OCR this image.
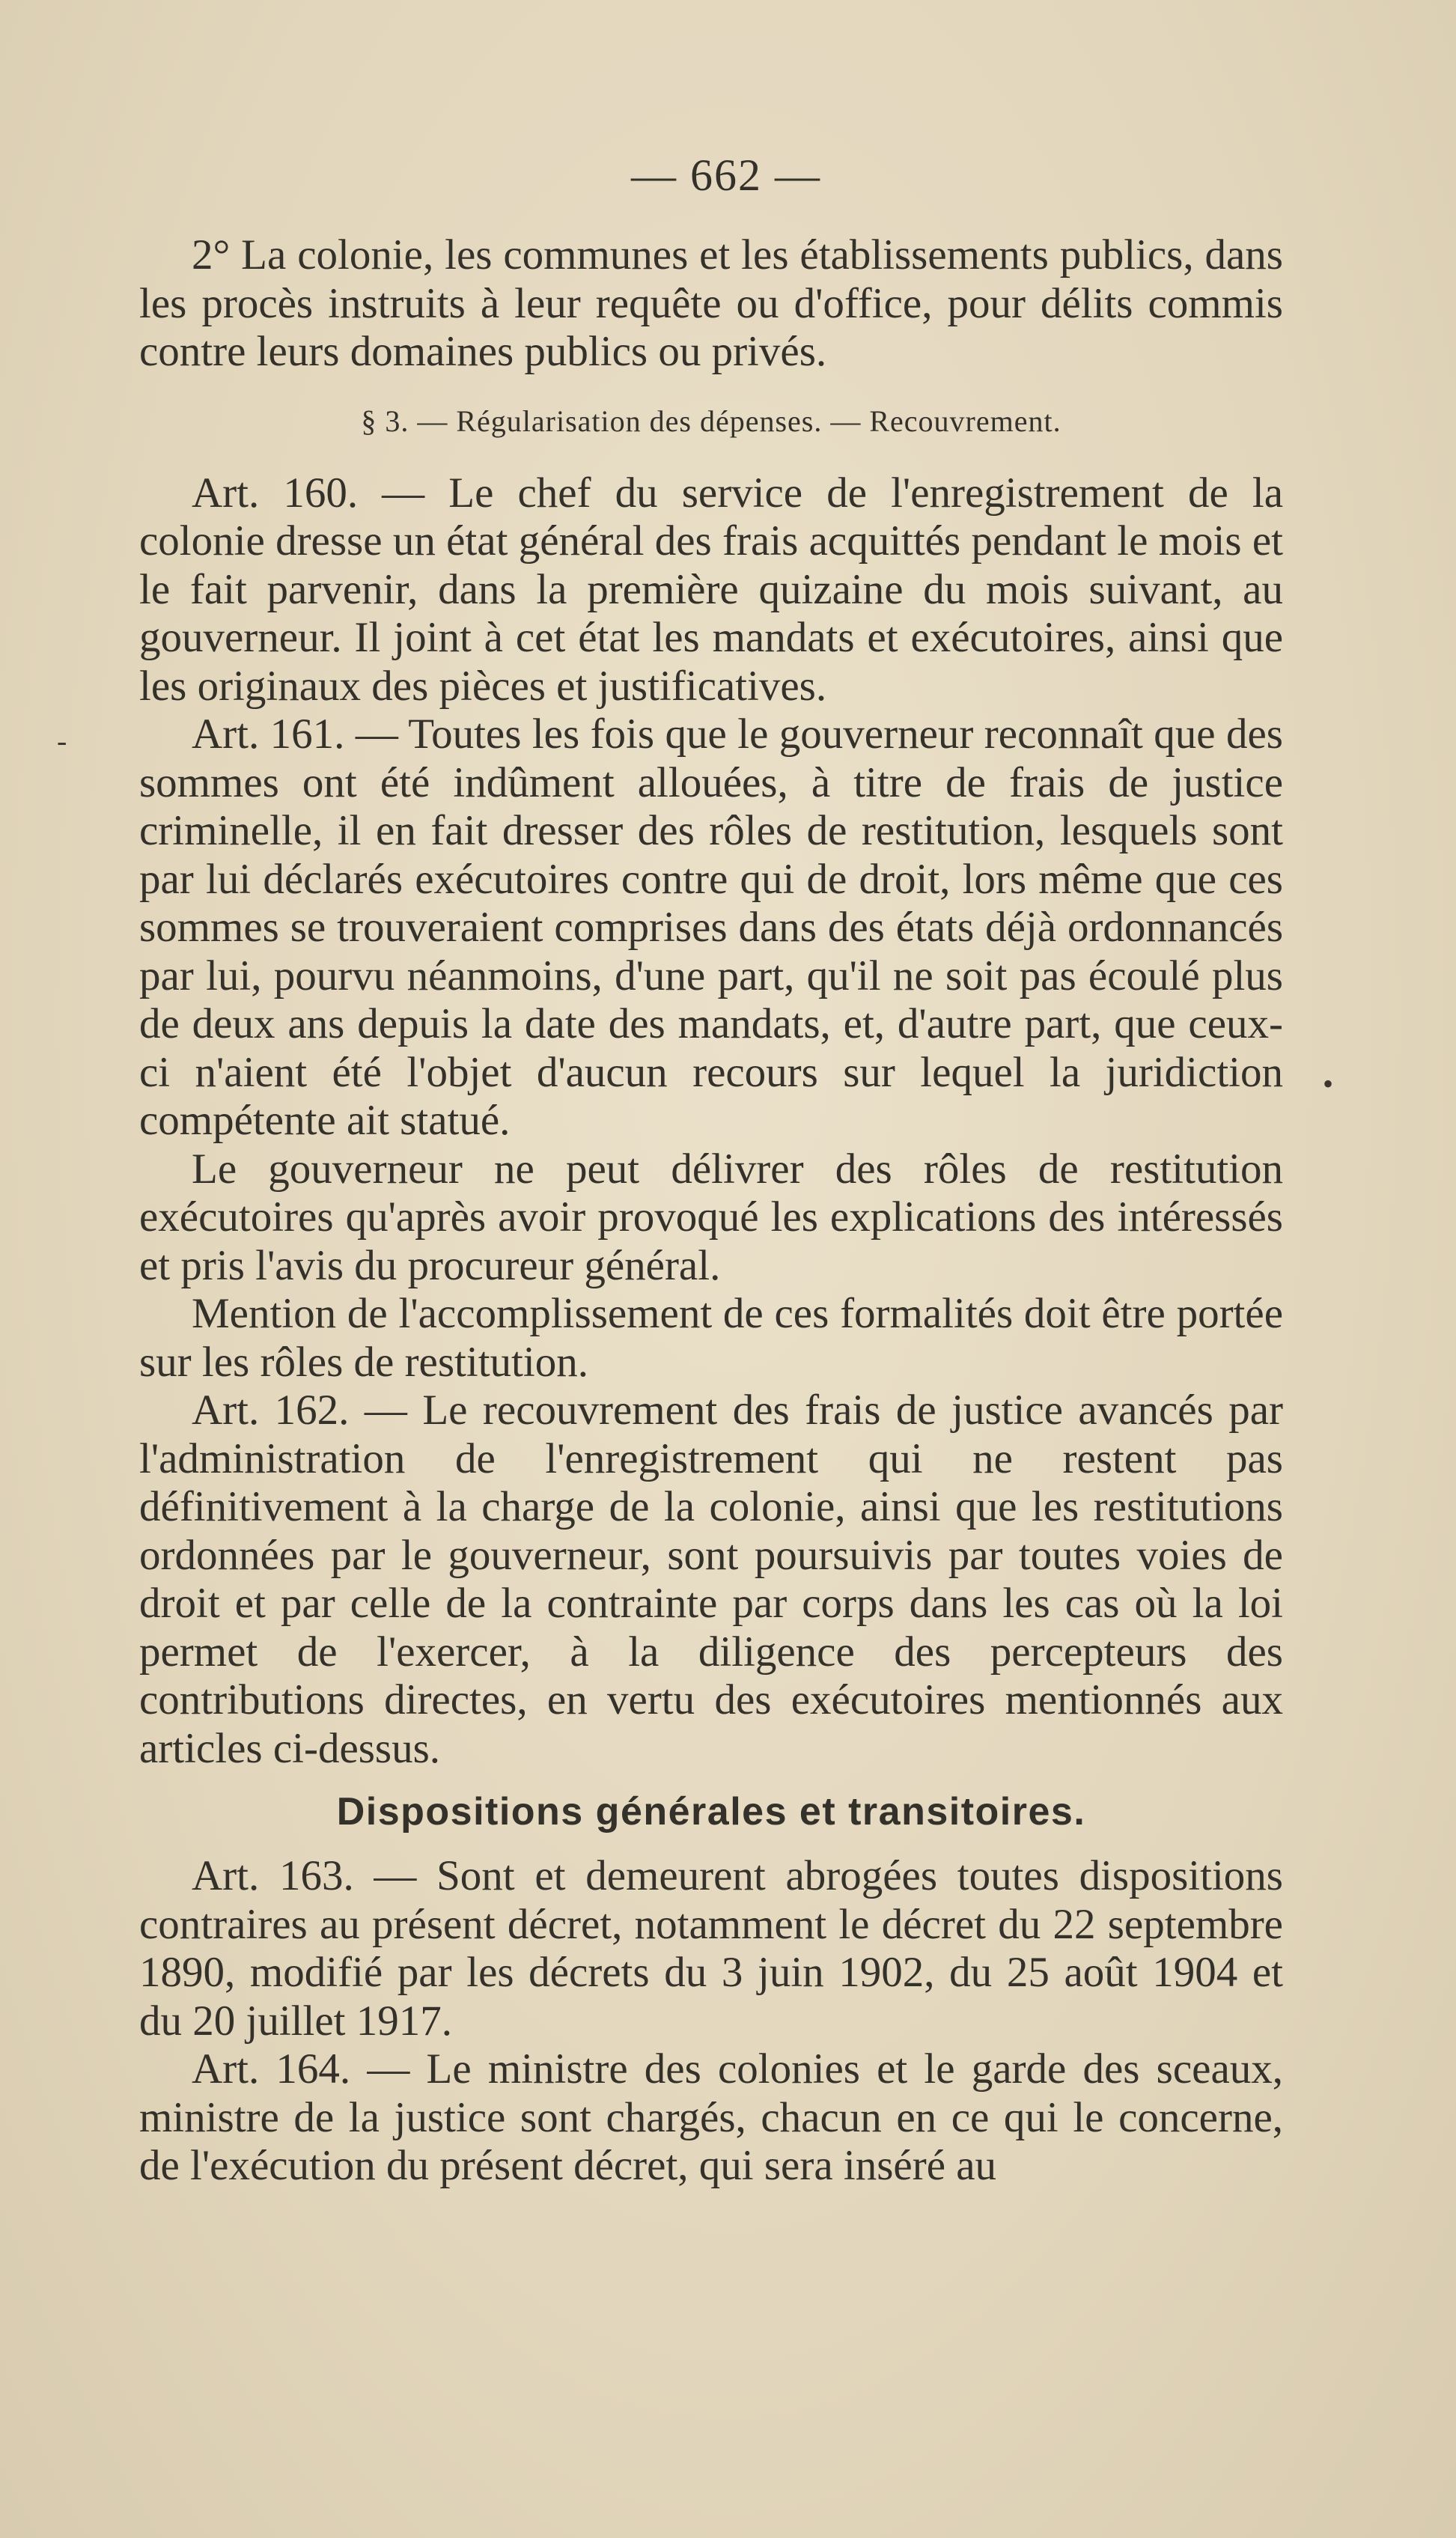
— 662 —

2° La colonie, les communes et les établissements publics, dans les procès instruits à leur requête ou d'office, pour délits commis contre leurs domaines publics ou privés.

§ 3. — Régularisation des dépenses. — Recouvrement.

Art. 160. — Le chef du service de l'enregistrement de la colonie dresse un état général des frais acquittés pendant le mois et le fait parvenir, dans la première quizaine du mois suivant, au gouverneur. Il joint à cet état les mandats et exécutoires, ainsi que les originaux des pièces et justificatives.

Art. 161. — Toutes les fois que le gouverneur reconnaît que des sommes ont été indûment allouées, à titre de frais de justice criminelle, il en fait dresser des rôles de restitution, lesquels sont par lui déclarés exécutoires contre qui de droit, lors même que ces sommes se trouveraient comprises dans des états déjà ordonnancés par lui, pourvu néanmoins, d'une part, qu'il ne soit pas écoulé plus de deux ans depuis la date des mandats, et, d'autre part, que ceux-ci n'aient été l'objet d'aucun recours sur lequel la juridiction compétente ait statué.

Le gouverneur ne peut délivrer des rôles de restitution exécutoires qu'après avoir provoqué les explications des intéressés et pris l'avis du procureur général.

Mention de l'accomplissement de ces formalités doit être portée sur les rôles de restitution.

Art. 162. — Le recouvrement des frais de justice avancés par l'administration de l'enregistrement qui ne restent pas définitivement à la charge de la colonie, ainsi que les restitutions ordonnées par le gouverneur, sont poursuivis par toutes voies de droit et par celle de la contrainte par corps dans les cas où la loi permet de l'exercer, à la diligence des percepteurs des contributions directes, en vertu des exécutoires mentionnés aux articles ci-dessus.

Dispositions générales et transitoires.

Art. 163. — Sont et demeurent abrogées toutes dispositions contraires au présent décret, notamment le décret du 22 septembre 1890, modifié par les décrets du 3 juin 1902, du 25 août 1904 et du 20 juillet 1917.

Art. 164. — Le ministre des colonies et le garde des sceaux, ministre de la justice sont chargés, chacun en ce qui le concerne, de l'exécution du présent décret, qui sera inséré au

-
•
